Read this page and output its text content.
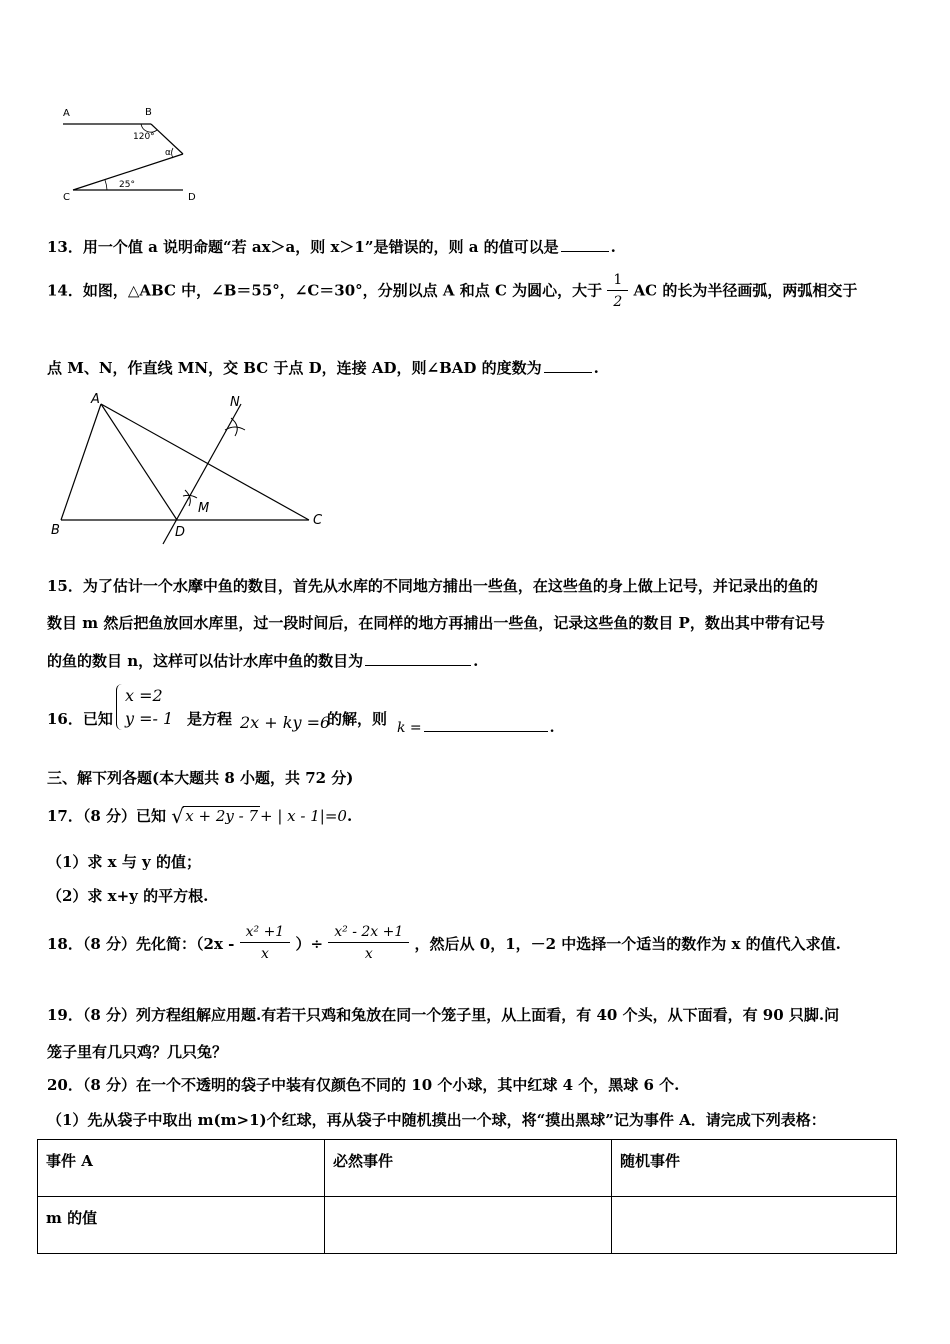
A	B
C	D
120°
α
25°
13．用一个值 a 说明命题“若 ax＞a，则 x＞1”是错误的，则 a 的值可以是	.
14．如图，△ABC 中，∠B＝55°，∠C＝30°，分别以点 A 和点 C 为圆心，大于 $\frac{1}{2}$ AC 的长为半径画弧，两弧相交于
点 M、N，作直线 MN，交 BC 于点 D，连接 AD，则∠BAD 的度数为	.
A
B
C
D
M
N
15．为了估计一个水摩中鱼的数目，首先从水库的不同地方捕出一些鱼，在这些鱼的身上做上记号，并记录出的鱼的
数目 m 然后把鱼放回水库里，过一段时间后，在同样的地方再捕出一些鱼，记录这些鱼的数目 P，数出其中带有记号
的鱼的数目 n，这样可以估计水库中鱼的数目为	.
16．已知
x =2
y =- 1 是方程 2x + ky =6
的解，则 k =	.
三、解下列各题(本大题共 8 小题，共 72 分)
17．（8 分）已知 √ x + 2y - 7 + | x - 1|=0.
（1）求 x 与 y 的值；
（2）求 x+y 的平方根.
18．（8 分）先化简：（$2x - \frac{\text{x² +1}}{x}$ ）÷ $\frac{\text{x² - 2x +1}}{x}$ ，然后从 0，1，－2 中选择一个适当的数作为 x 的值代入求值.
19．（8 分）列方程组解应用题.有若干只鸡和兔放在同一个笼子里，从上面看，有 40 个头，从下面看，有 90 只脚.问
笼子里有几只鸡？几只兔？
20．（8 分）在一个不透明的袋子中装有仅颜色不同的 10 个小球，其中红球 4 个，黑球 6 个.
（1）先从袋子中取出 m(m>1)个红球，再从袋子中随机摸出一个球，将“摸出黑球”记为事件 A．请完成下列表格：
事件 A	必然事件	随机事件
m 的值		
